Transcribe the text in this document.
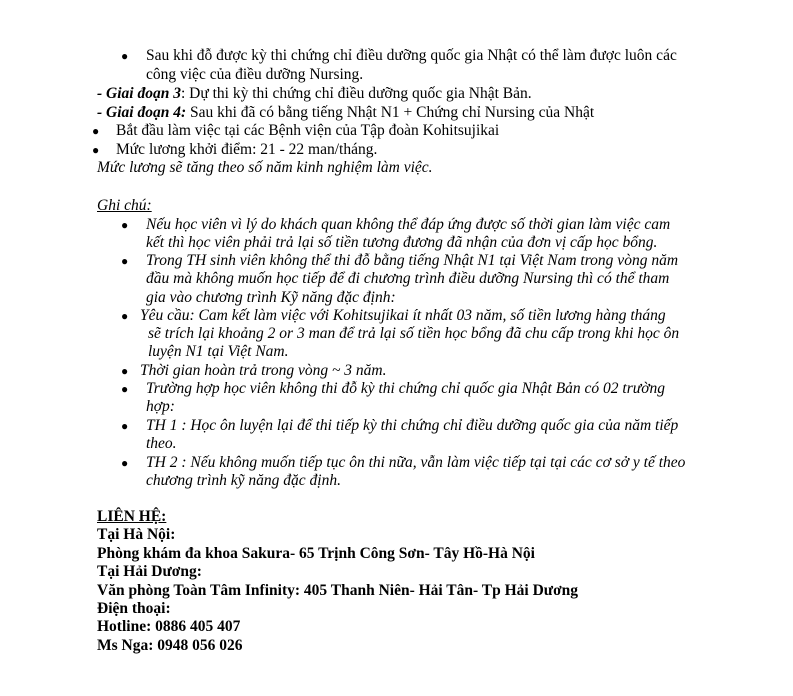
● Sau khi đỗ được kỳ thi chứng chỉ điều dưỡng quốc gia Nhật có thể làm được luôn các
công việc của điều dưỡng Nursing.
- Giai đoạn 3: Dự thi kỳ thi chứng chỉ điều dưỡng quốc gia Nhật Bản.
- Giai đoạn 4: Sau khi đã có bằng tiếng Nhật N1 + Chứng chỉ Nursing của Nhật
● Bắt đầu làm việc tại các Bệnh viện của Tập đoàn Kohitsujikai
● Mức lương khởi điểm: 21 - 22 man/tháng.
Mức lương sẽ tăng theo số năm kinh nghiệm làm việc.
Ghi chú:
● Nếu học viên vì lý do khách quan không thể đáp ứng được số thời gian làm việc cam
kết thì học viên phải trả lại số tiền tương đương đã nhận của đơn vị cấp học bổng.
● Trong TH sinh viên không thể thi đỗ bằng tiếng Nhật N1 tại Việt Nam trong vòng năm
đầu mà không muốn học tiếp để đi chương trình điều dưỡng Nursing thì có thể tham
gia vào chương trình Kỹ năng đặc định:
● Yêu cầu: Cam kết làm việc với Kohitsujikai ít nhất 03 năm, số tiền lương hàng tháng
sẽ trích lại khoảng 2 or 3 man để trả lại số tiền học bổng đã chu cấp trong khi học ôn
luyện N1 tại Việt Nam.
● Thời gian hoàn trả trong vòng ~ 3 năm.
● Trường hợp học viên không thi đỗ kỳ thi chứng chỉ quốc gia Nhật Bản có 02 trường
hợp:
● TH 1 : Học ôn luyện lại để thi tiếp kỳ thi chứng chỉ điều dưỡng quốc gia của năm tiếp
theo.
● TH 2 : Nếu không muốn tiếp tục ôn thi nữa, vẫn làm việc tiếp tại tại các cơ sở y tế theo
chương trình kỹ năng đặc định.
LIÊN HỆ:
Tại Hà Nội:
Phòng khám đa khoa Sakura- 65 Trịnh Công Sơn- Tây Hồ-Hà Nội
Tại Hải Dương:
Văn phòng Toàn Tâm Infinity: 405 Thanh Niên- Hải Tân- Tp Hải Dương
Điện thoại:
Hotline: 0886 405 407
Ms Nga: 0948 056 026
